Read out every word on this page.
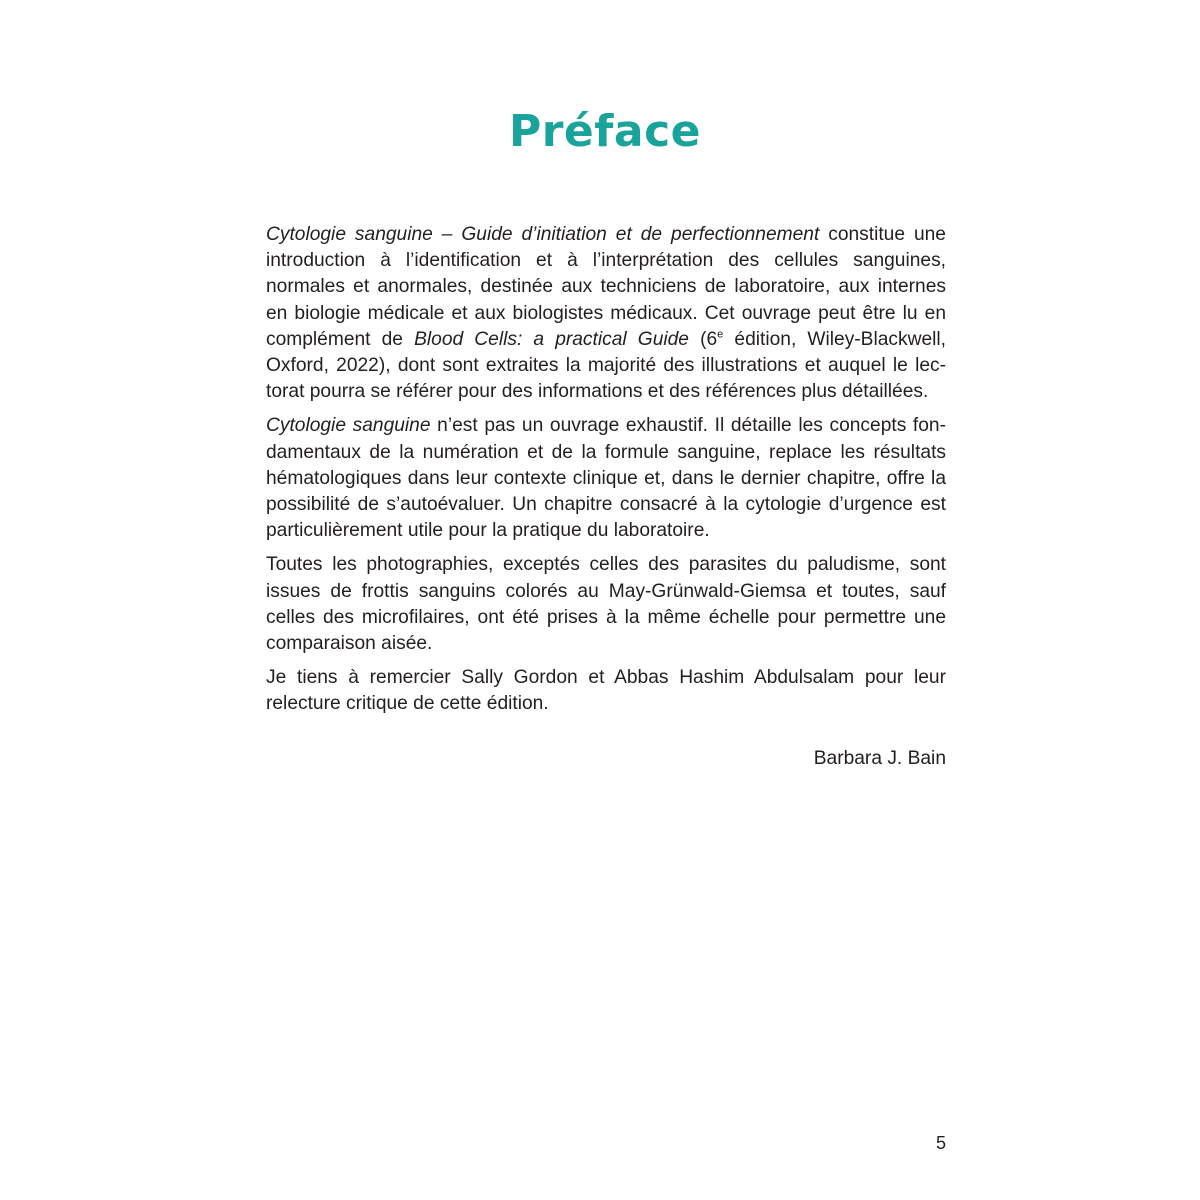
Préface

Cytologie sanguine – Guide d’initiation et de perfectionnement constitue une introduction à l’identification et à l’interprétation des cellules sanguines, normales et anormales, destinée aux techniciens de laboratoire, aux internes en biologie médicale et aux biologistes médicaux. Cet ouvrage peut être lu en complément de Blood Cells: a practical Guide (6e édition, Wiley-Blackwell, Oxford, 2022), dont sont extraites la majorité des illustrations et auquel le lectorat pourra se référer pour des informations et des références plus détaillées.

Cytologie sanguine n’est pas un ouvrage exhaustif. Il détaille les concepts fondamentaux de la numération et de la formule sanguine, replace les résultats hématologiques dans leur contexte clinique et, dans le dernier chapitre, offre la possibilité de s’autoévaluer. Un chapitre consacré à la cytologie d’urgence est particulièrement utile pour la pratique du laboratoire.

Toutes les photographies, exceptés celles des parasites du paludisme, sont issues de frottis sanguins colorés au May-Grünwald-Giemsa et toutes, sauf celles des microfilaires, ont été prises à la même échelle pour permettre une comparaison aisée.

Je tiens à remercier Sally Gordon et Abbas Hashim Abdulsalam pour leur relecture critique de cette édition.

Barbara J. Bain
5
